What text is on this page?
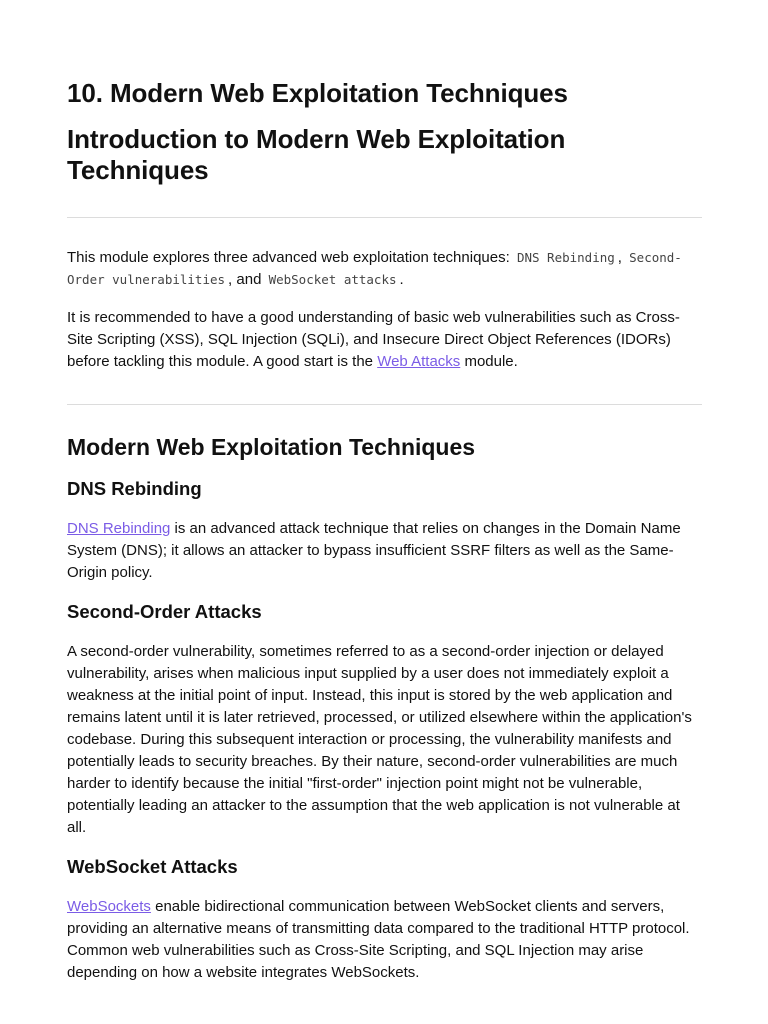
10. Modern Web Exploitation Techniques
Introduction to Modern Web Exploitation Techniques

This module explores three advanced web exploitation techniques: DNS Rebinding , Second-Order vulnerabilities , and WebSocket attacks .

It is recommended to have a good understanding of basic web vulnerabilities such as Cross-Site Scripting (XSS), SQL Injection (SQLi), and Insecure Direct Object References (IDORs) before tackling this module. A good start is the Web Attacks module.

Modern Web Exploitation Techniques
DNS Rebinding

DNS Rebinding is an advanced attack technique that relies on changes in the Domain Name System (DNS); it allows an attacker to bypass insufficient SSRF filters as well as the Same-Origin policy.

Second-Order Attacks

A second-order vulnerability, sometimes referred to as a second-order injection or delayed vulnerability, arises when malicious input supplied by a user does not immediately exploit a weakness at the initial point of input. Instead, this input is stored by the web application and remains latent until it is later retrieved, processed, or utilized elsewhere within the application's codebase. During this subsequent interaction or processing, the vulnerability manifests and potentially leads to security breaches. By their nature, second-order vulnerabilities are much harder to identify because the initial "first-order" injection point might not be vulnerable, potentially leading an attacker to the assumption that the web application is not vulnerable at all.

WebSocket Attacks

WebSockets enable bidirectional communication between WebSocket clients and servers, providing an alternative means of transmitting data compared to the traditional HTTP protocol. Common web vulnerabilities such as Cross-Site Scripting, and SQL Injection may arise depending on how a website integrates WebSockets.
